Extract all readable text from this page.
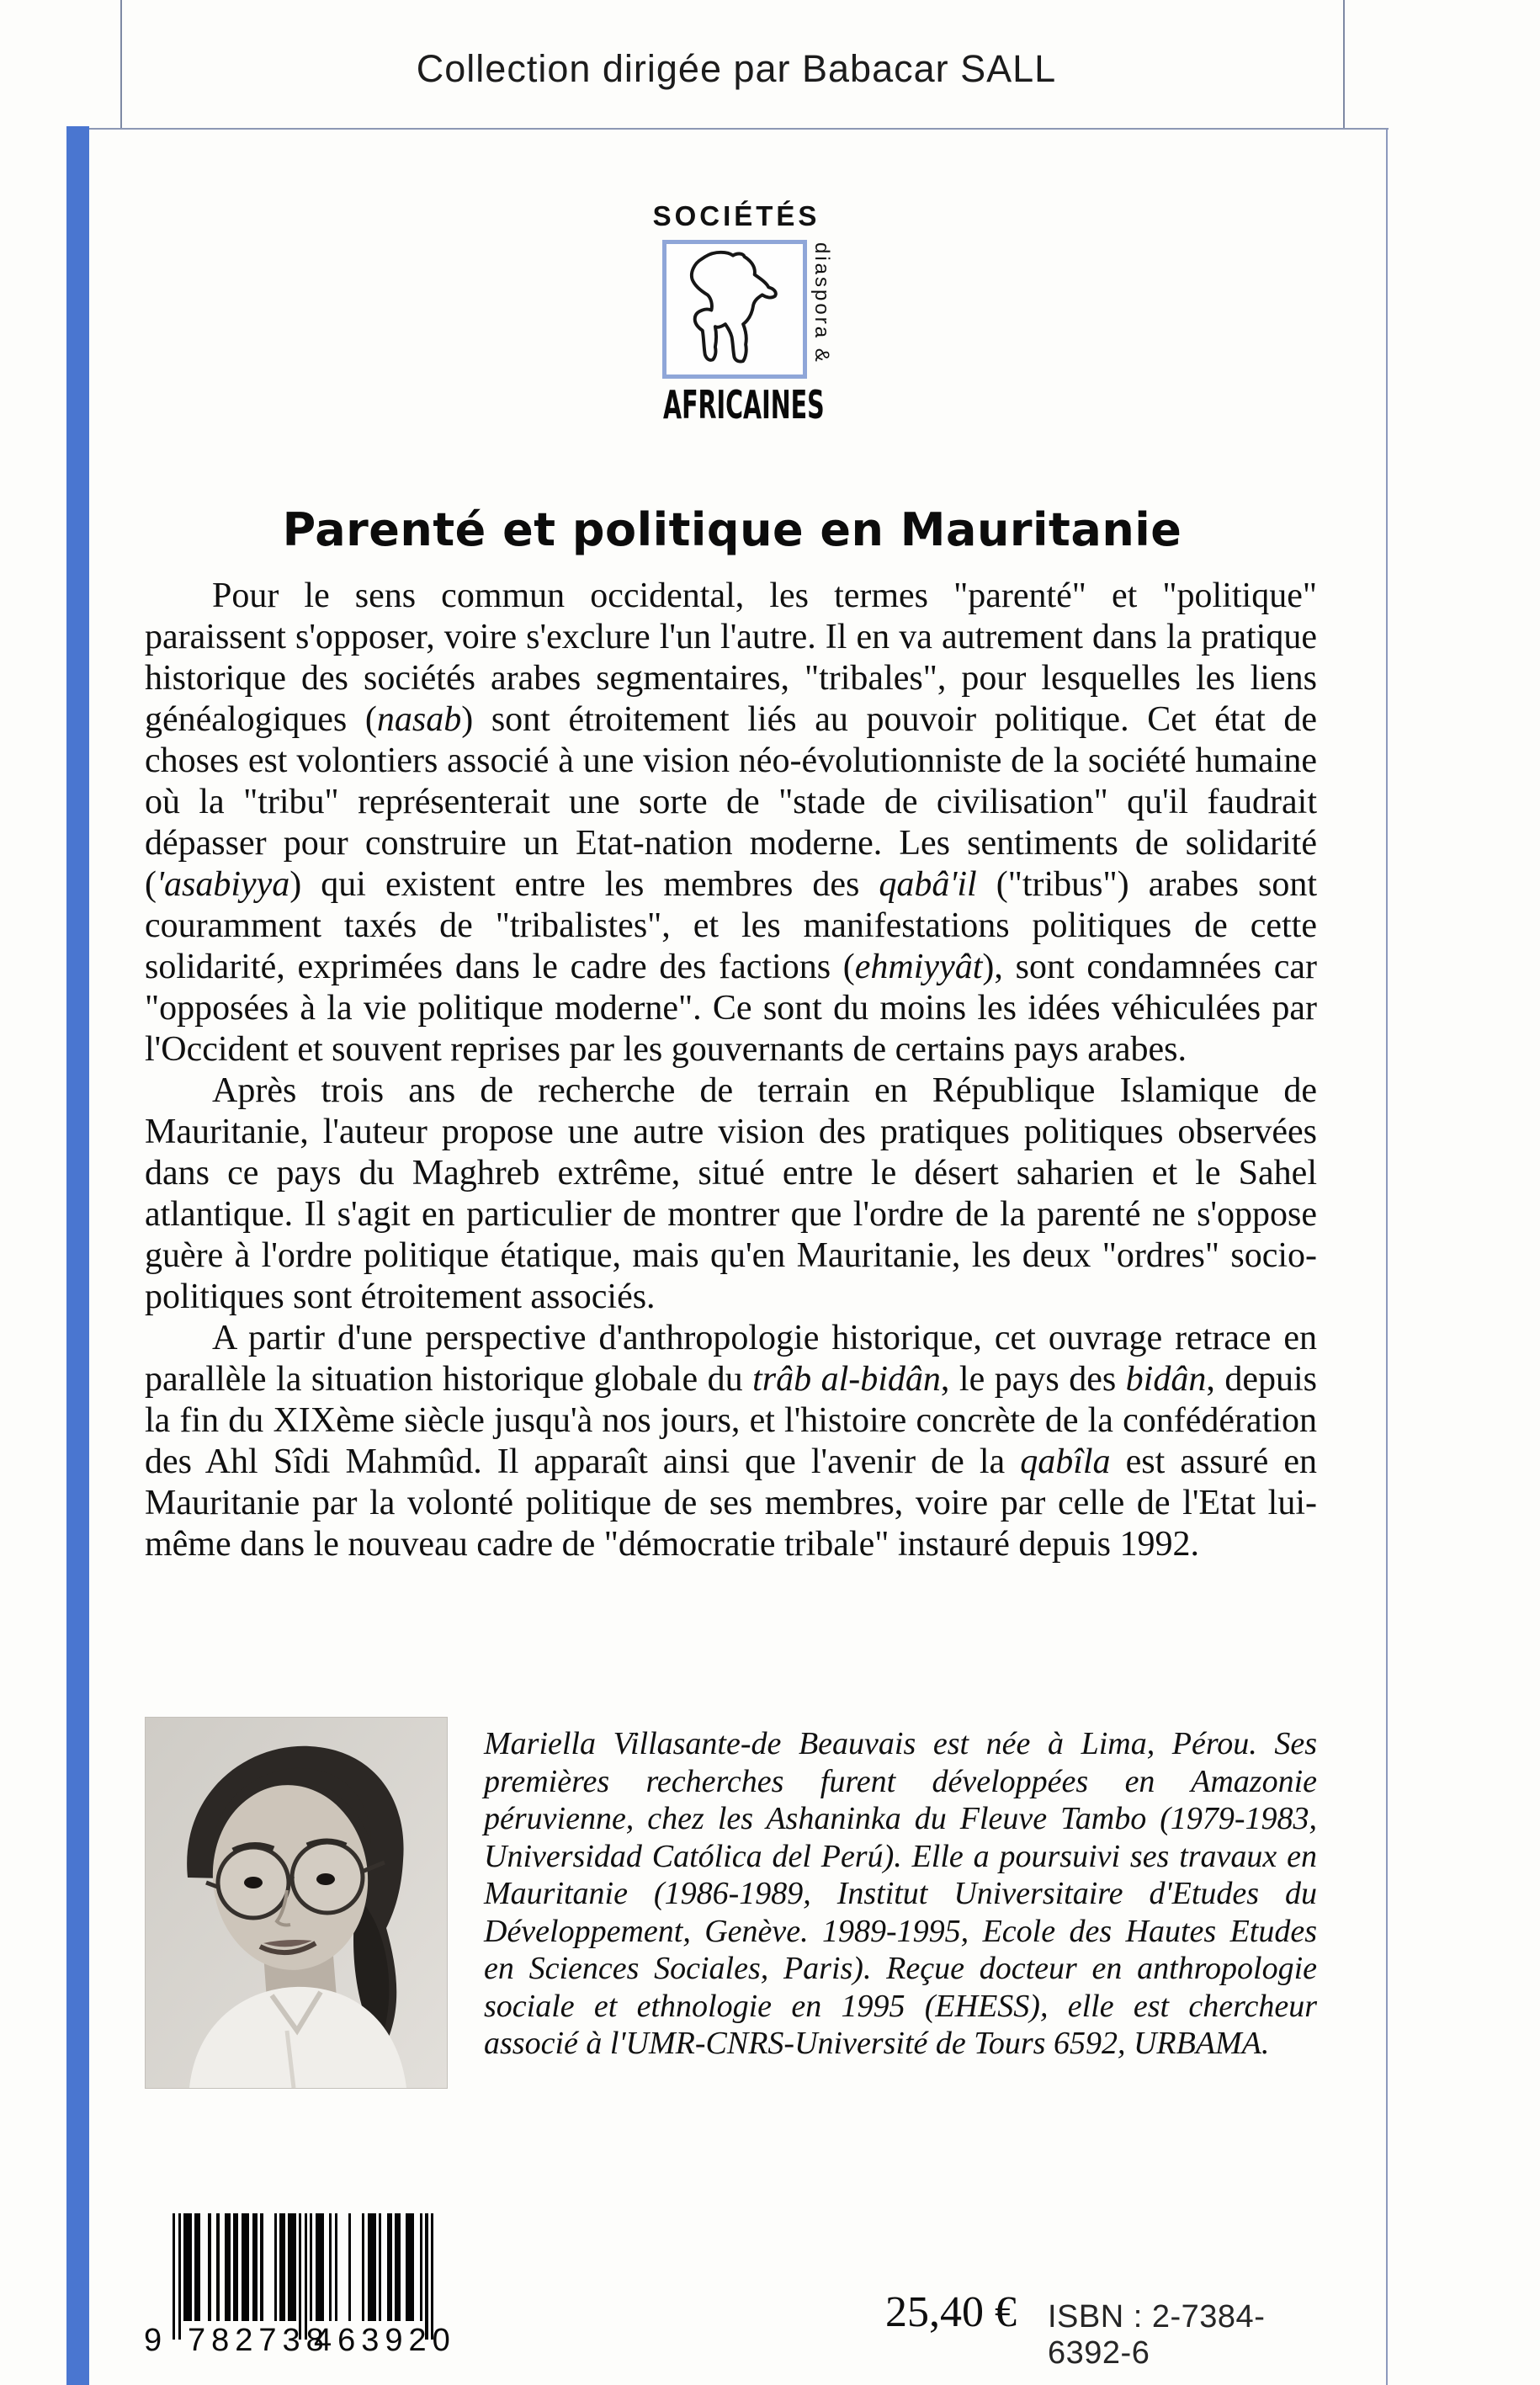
Collection dirigée par Babacar SALL
SOCIÉTÉS
diaspora &
AFRICAINES
Parenté et politique en Mauritanie

Pour le sens commun occidental, les termes "parenté" et "politique" paraissent s'opposer, voire s'exclure l'un l'autre. Il en va autrement dans la pratique historique des sociétés arabes segmentaires, "tribales", pour lesquelles les liens généalogiques (nasab) sont étroitement liés au pouvoir politique. Cet état de choses est volontiers associé à une vision néo-évolutionniste de la société humaine où la "tribu" représenterait une sorte de "stade de civilisation" qu'il faudrait dépasser pour construire un Etat-nation moderne. Les sentiments de solidarité ('asabiyya) qui existent entre les membres des qabâ'il ("tribus") arabes sont couramment taxés de "tribalistes", et les manifestations politiques de cette solidarité, exprimées dans le cadre des factions (ehmiyyât), sont condamnées car "opposées à la vie politique moderne". Ce sont du moins les idées véhiculées par l'Occident et souvent reprises par les gouvernants de certains pays arabes.

Après trois ans de recherche de terrain en République Islamique de Mauritanie, l'auteur propose une autre vision des pratiques politiques observées dans ce pays du Maghreb extrême, situé entre le désert saharien et le Sahel atlantique. Il s'agit en particulier de montrer que l'ordre de la parenté ne s'oppose guère à l'ordre politique étatique, mais qu'en Mauritanie, les deux "ordres" socio-politiques sont étroitement associés.

A partir d'une perspective d'anthropologie historique, cet ouvrage retrace en parallèle la situation historique globale du trâb al-bidân, le pays des bidân, depuis la fin du XIXème siècle jusqu'à nos jours, et l'histoire concrète de la confédération des Ahl Sîdi Mahmûd. Il apparaît ainsi que l'avenir de la qabîla est assuré en Mauritanie par la volonté politique de ses membres, voire par celle de l'Etat lui-même dans le nouveau cadre de "démocratie tribale" instauré depuis 1992.

Mariella Villasante-de Beauvais est née à Lima, Pérou. Ses premières recherches furent développées en Amazonie péruvienne, chez les Ashaninka du Fleuve Tambo (1979-1983, Universidad Católica del Perú). Elle a poursuivi ses travaux en Mauritanie (1986-1989, Institut Universitaire d'Etudes du Développement, Genève. 1989-1995, Ecole des Hautes Etudes en Sciences Sociales, Paris). Reçue docteur en anthropologie sociale et ethnologie en 1995 (EHESS), elle est chercheur associé à l'UMR-CNRS-Université de Tours 6592, URBAMA.
9 782738
463920
25,40 € ISBN : 2-7384-6392-6
